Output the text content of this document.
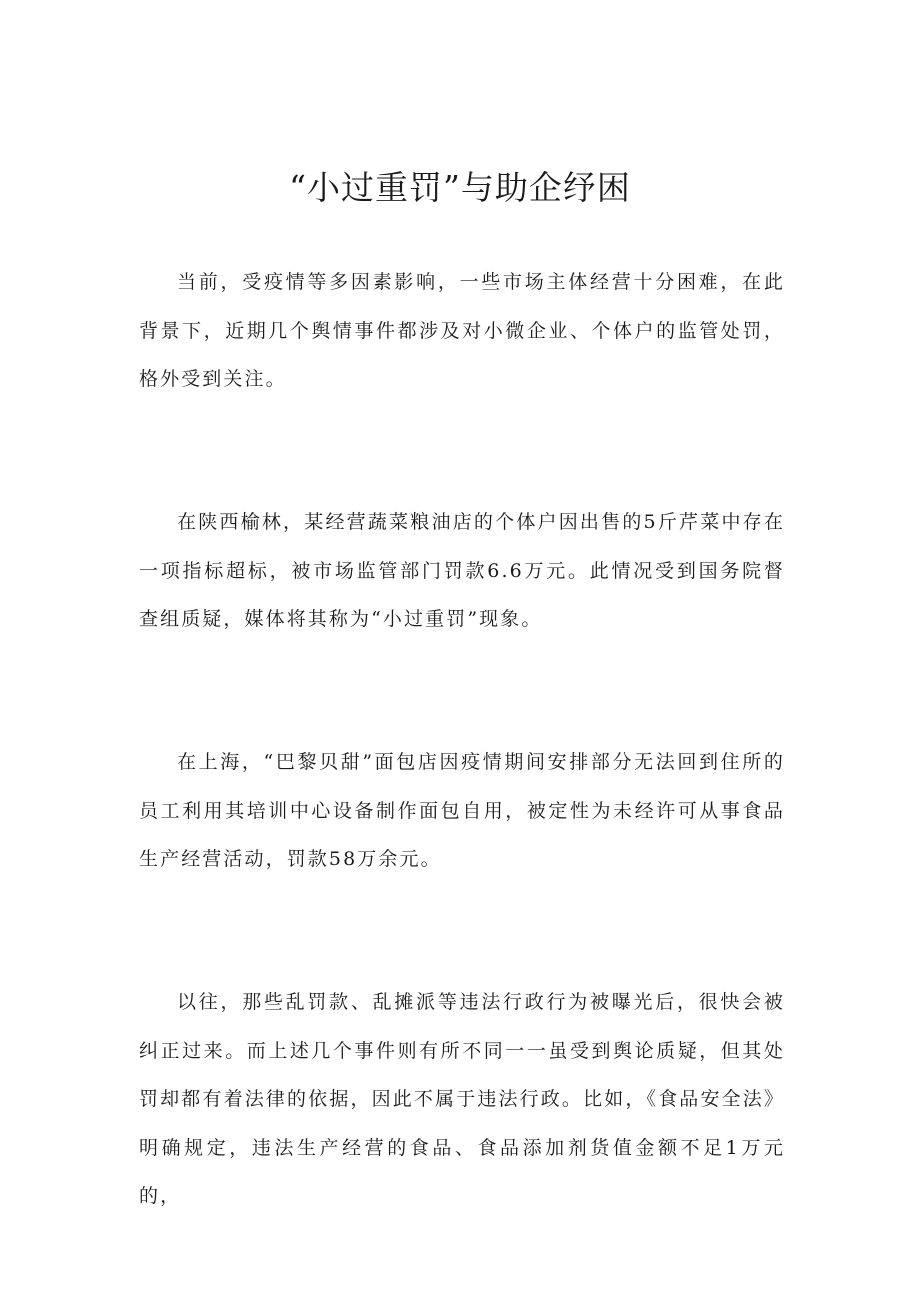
“小过重罚”与助企纾困

当前，受疫情等多因素影响，一些市场主体经营十分困难，在此背景下，近期几个舆情事件都涉及对小微企业、个体户的监管处罚，格外受到关注。

在陕西榆林，某经营蔬菜粮油店的个体户因出售的5斤芹菜中存在一项指标超标，被市场监管部门罚款6.6万元。此情况受到国务院督查组质疑，媒体将其称为“小过重罚”现象。

在上海，“巴黎贝甜”面包店因疫情期间安排部分无法回到住所的员工利用其培训中心设备制作面包自用，被定性为未经许可从事食品生产经营活动，罚款58万余元。

以往，那些乱罚款、乱摊派等违法行政行为被曝光后，很快会被纠正过来。而上述几个事件则有所不同一一虽受到舆论质疑，但其处罚却都有着法律的依据，因此不属于违法行政。比如，《食品安全法》明确规定，违法生产经营的食品、食品添加剂货值金额不足1万元的，
